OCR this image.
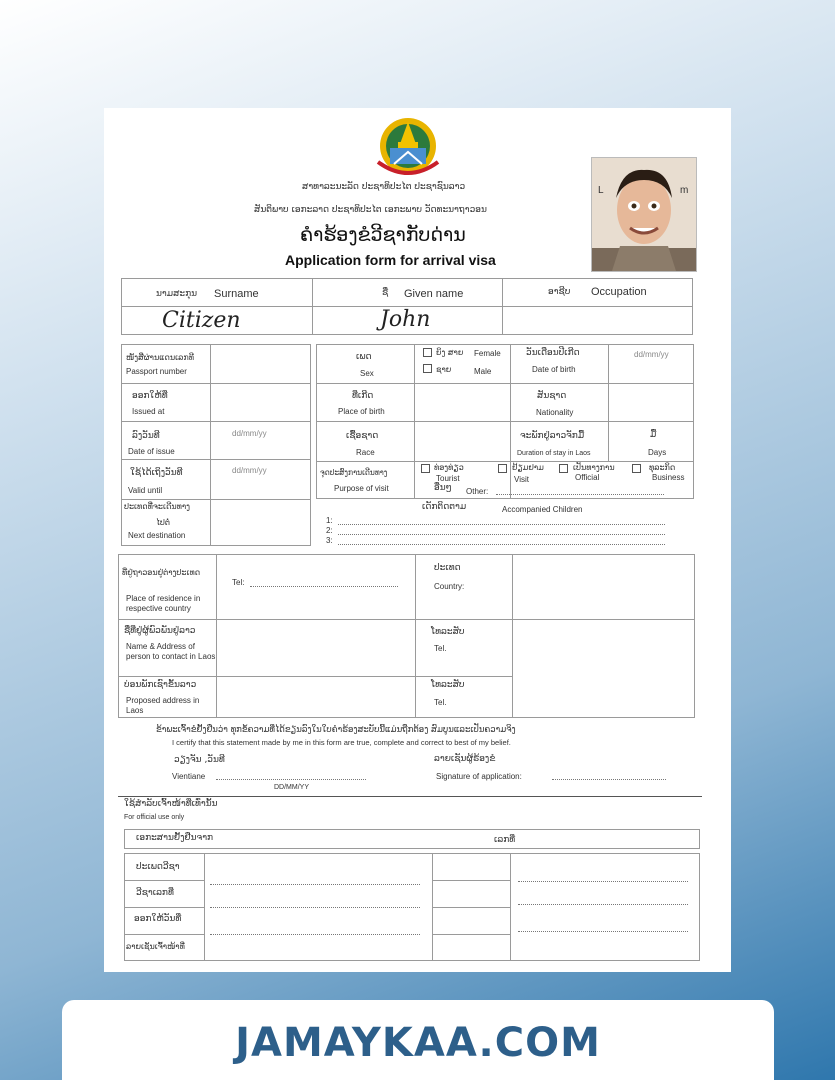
ສາທາລະນະລັດ ປະຊາທິປະໄຕ ປະຊາຊົນລາວ
ສັນຕິພາບ ເອກະລາດ ປະຊາທິປະໄຕ ເອກະພາບ ວັດທະນາຖາວອນ
ຄຳຮ້ອງຂໍວີຊາກັບດ່ານ
Application form for arrival visa
L	m
ນາມສະກຸນ Surname	ຊື່ Given name	ອາຊີບ Occupation
Citizen	John
ໜັງສືຜ່ານແດນເລກທີ
Passport number
ອອກໃຫ້ທີ່
Issued at
ລົງວັນທີ
Date of issue
dd/mm/yy
ໃຊ້ໄດ້ເຖິງວັນທີ
Valid until
dd/mm/yy
ປະເທດທີ່ຈະເດີນທາງ
ໄປຕໍ່
Next destination
ເພດ
Sex
ຍິງ ສາຍ Female
ຊາຍ	Male
ວັນເດືອນປີເກີດ
Date of birth
dd/mm/yy
ທີ່ເກີດ
Place of birth
ສັນຊາດ
Nationality
ເຊື້ອຊາດ
Race
ຈະພັກຢູ່ລາວຈັກມື້
Duration of stay in Laos
ມື້
Days
ຈຸດປະສົງການເດີນທາງ
Purpose of visit
ທ່ອງທ່ຽວ
Tourist
ຢ້ຽມຢາມ
Visit
ເປັນທາງການ
Official
ທຸລະກິດ
Business
ອື່ນໆ Other:
ເດັກຕິດຕາມ	Accompanied Children
1:
2:
3:
ທີ່ຢູ່ຖາວອນຢູ່ຕ່າງປະເທດ
Place of residence in respective country
Tel:
ປະເທດ
Country:
ຊື່ທີ່ຢູ່ຜູ້ພົວພັນຢູ່ລາວ
Name & Address of person to contact in Laos
ໂທລະສັບ
Tel.
ບ່ອນພັກເຊົາຂັ້ນລາວ
Proposed address in Laos
ໂທລະສັບ
Tel.
ຂ້າພະເຈົ້າຂໍຢັ້ງຢືນວ່າ ທຸກຂໍ້ຄວາມທີ່ໄດ້ຂຽນລົງໃນໃບຄຳຮ້ອງສະບັບນີ້ແມ່ນຖືກຕ້ອງ ສົມບູນແລະເປັນຄວາມຈິງ
I certify that this statement made by me in this form are true, complete and correct to best of my belief.
ວຽງຈັນ ,ວັນທີ
Vientiane
DD/MM/YY
ລາຍເຊັນຜູ້ຮ້ອງຂໍ
Signature of application:
ໃຊ້ສຳລັບເຈົ້າໜ້າທີ່ເທົ່ານັ້ນ
For official use only
ເອກະສານຢັ້ງຢືນຈາກ	ເລກທີ່
ປະເພດວີຊາ
ວີຊາເລກທີ່
ອອກໃຫ້ວັນທີ່
ລາຍເຊັນເຈົ້າໜ້າທີ່
JAMAYKAA.COM
